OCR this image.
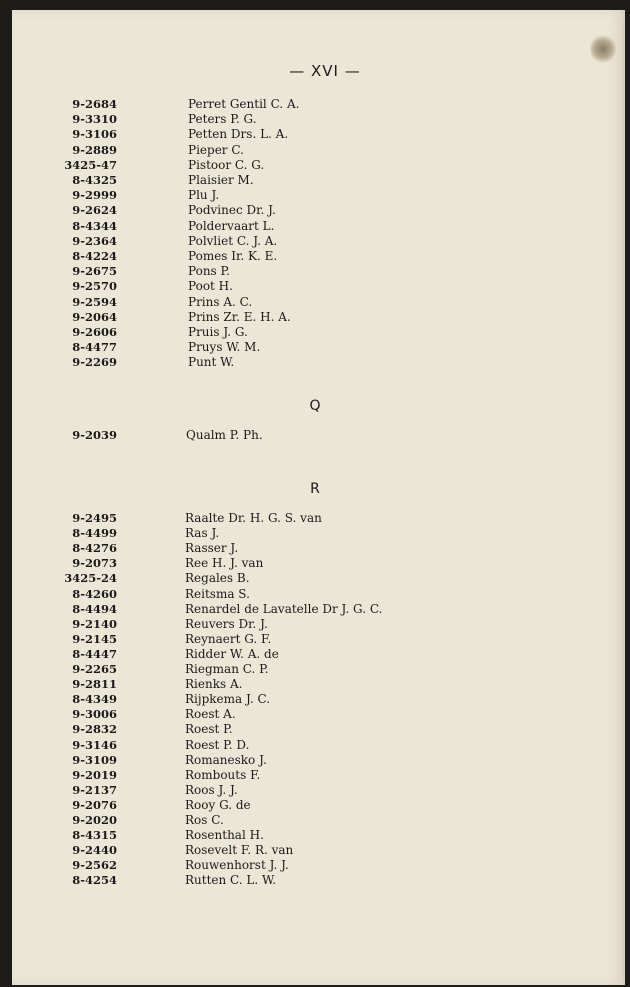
— XVI —
9-2684	Perret Gentil C. A.
9-3310	Peters P. G.
9-3106	Petten Drs. L. A.
9-2889	Pieper C.
3425-47	Pistoor C. G.
8-4325	Plaisier M.
9-2999	Plu J.
9-2624	Podvinec Dr. J.
8-4344	Poldervaart L.
9-2364	Polvliet C. J. A.
8-4224	Pomes Ir. K. E.
9-2675	Pons P.
9-2570	Poot H.
9-2594	Prins A. C.
9-2064	Prins Zr. E. H. A.
9-2606	Pruis J. G.
8-4477	Pruys W. M.
9-2269	Punt W.
Q
9-2039	Qualm P. Ph.
R
9-2495	Raalte Dr. H. G. S. van
8-4499	Ras J.
8-4276	Rasser J.
9-2073	Ree H. J. van
3425-24	Regales B.
8-4260	Reitsma S.
8-4494	Renardel de Lavatelle Dr J. G. C.
9-2140	Reuvers Dr. J.
9-2145	Reynaert G. F.
8-4447	Ridder W. A. de
9-2265	Riegman C. P.
9-2811	Rienks A.
8-4349	Rijpkema J. C.
9-3006	Roest A.
9-2832	Roest P.
9-3146	Roest P. D.
9-3109	Romanesko J.
9-2019	Rombouts F.
9-2137	Roos J. J.
9-2076	Rooy G. de
9-2020	Ros C.
8-4315	Rosenthal H.
9-2440	Rosevelt F. R. van
9-2562	Rouwenhorst J. J.
8-4254	Rutten C. L. W.
